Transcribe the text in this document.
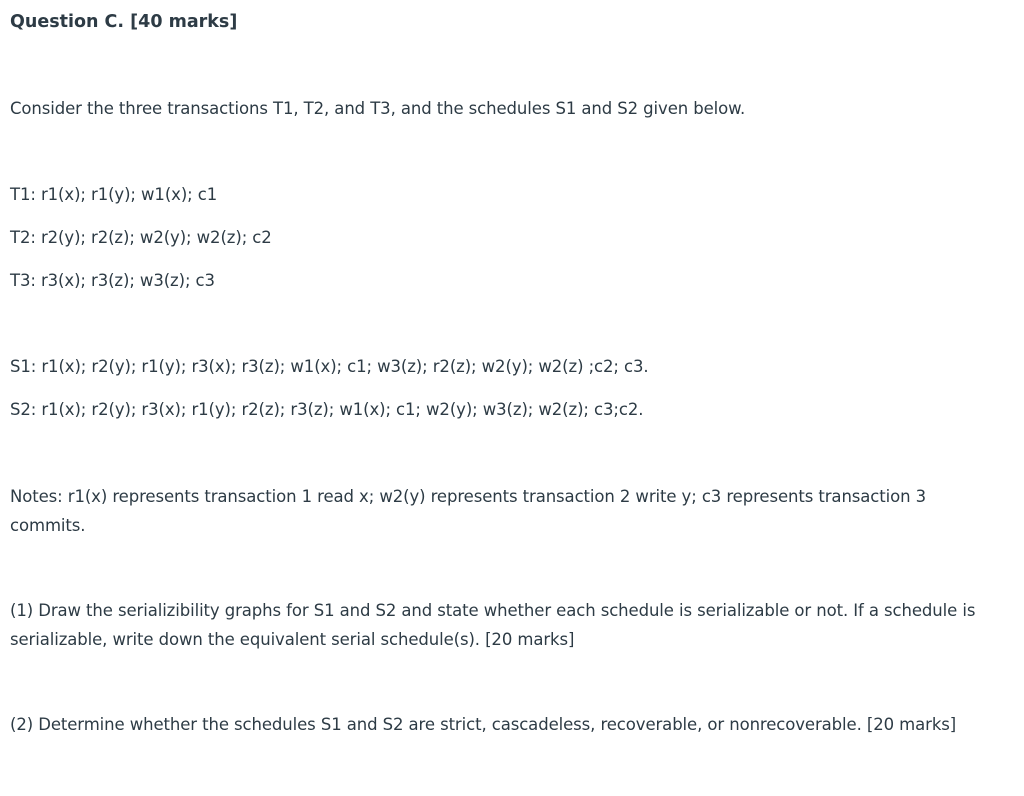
Question C. [40 marks]
Consider the three transactions T1, T2, and T3, and the schedules S1 and S2 given below.
T1: r1(x); r1(y); w1(x); c1
T2: r2(y); r2(z); w2(y); w2(z); c2
T3: r3(x); r3(z); w3(z); c3
S1: r1(x); r2(y); r1(y); r3(x); r3(z); w1(x); c1; w3(z); r2(z); w2(y); w2(z) ;c2; c3.
S2: r1(x); r2(y); r3(x); r1(y); r2(z); r3(z); w1(x); c1; w2(y); w3(z); w2(z); c3;c2.
Notes: r1(x) represents transaction 1 read x; w2(y) represents transaction 2 write y; c3 represents transaction 3 commits.
(1) Draw the serializibility graphs for S1 and S2 and state whether each schedule is serializable or not. If a schedule is serializable, write down the equivalent serial schedule(s). [20 marks]
(2) Determine whether the schedules S1 and S2 are strict, cascadeless, recoverable, or nonrecoverable. [20 marks]
